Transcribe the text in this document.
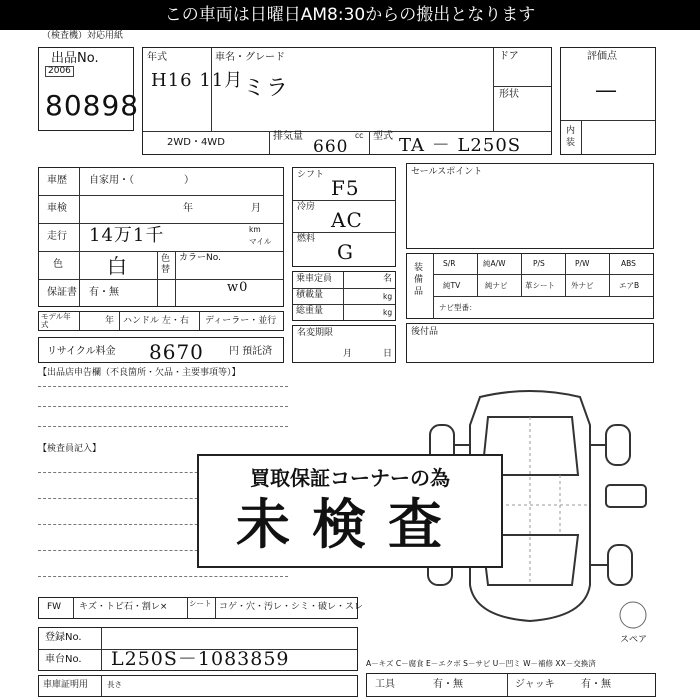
この車両は日曜日AM8:30からの搬出となります
（検査機）対応用紙
出品No.
2006
80898
年式
H16 11月
車名・グレード
ミラ
ドア
形状
2WD・4WD
排気量	cc
660
型式 TA － L250S
評価点
—
内装
車歴 自家用・（　　　　　）
車検	年	月
走行 14万1千	km
マイル
色 白	色替
カラーNo.
w0
保証書 有・無
モデル年式	年 ハンドル 左・右 ディーラー・並行
リサイクル料金 8670	円 預託済
シフト
F5
冷房
AC
燃料
G
乗車定員	名
積載量	kg
総重量	kg
名変期限
月	日
セールスポイント
装備品
S/R	純A/W	P/S	P/W	ABS
純TV	純ナビ 革シート 外ナビ	エアB
ナビ型番：
後付品
【出品店申告欄（不良箇所・欠品・主要事項等）】
【検査員記入】
スペア
買取保証コーナーの為
未検査
FW キズ・トビ石・割レ×	シート コゲ・穴・汚レ・シミ・破レ・スレ
登録No.
車台No. L250S－1083859
車庫証明用	長さ
A－キズ C－腐食 E－エクボ S－サビ U－凹ミ W－補修 XX－交換済
工具	有・無	ジャッキ	有・無
